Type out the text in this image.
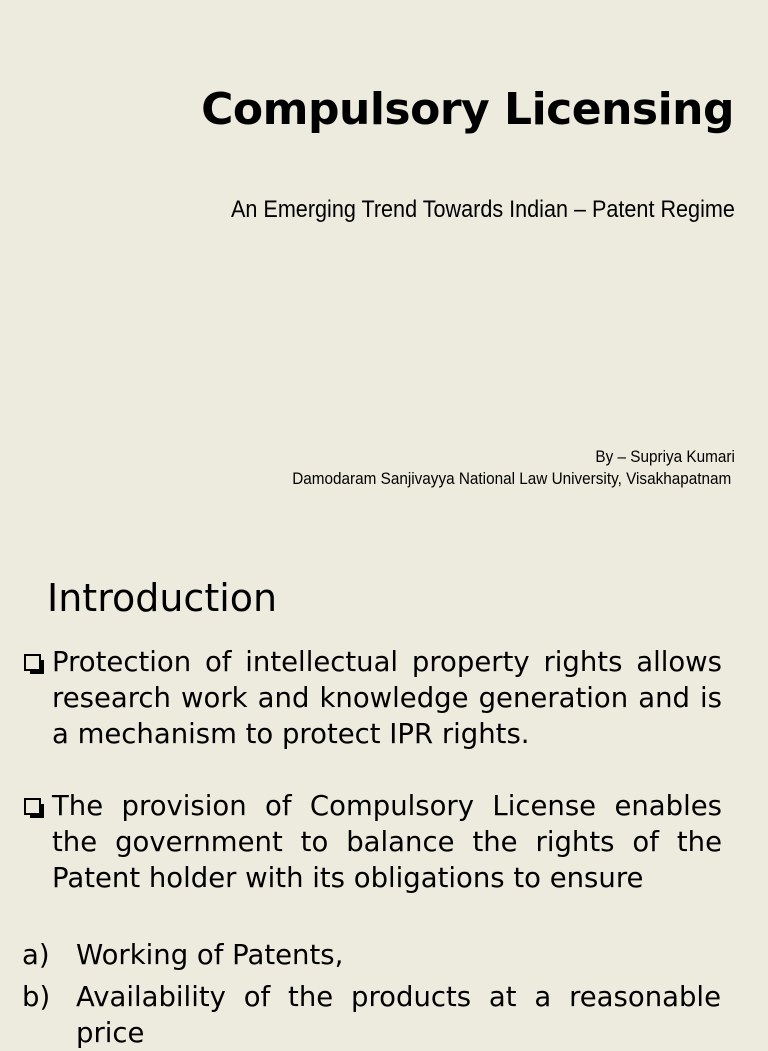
Compulsory Licensing
An Emerging Trend Towards Indian – Patent Regime
By – Supriya Kumari
Damodaram Sanjivayya National Law University, Visakhapatnam
Introduction
Protection of intellectual property rights allows research work and knowledge generation and is a mechanism to protect IPR rights.
The provision of Compulsory License enables the government to balance the rights of the Patent holder with its obligations to ensure
a) Working of Patents,
b) Availability of the products at a reasonable
price
